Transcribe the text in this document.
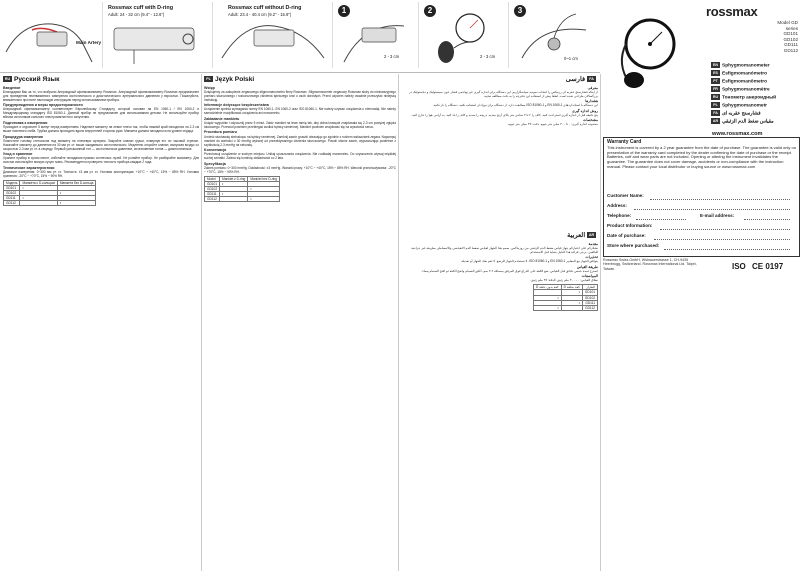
Main Artery
Rossmax cuff with D-ring
Adult: 24 - 32 cm (9.4" - 12.6")
Rossmax cuff without D-ring
Adult: 23.4 - 40.4 cm (9.2" - 15.9")	1
2 - 3 cm
2
2 - 3 cm
3
0~1 cm
rossmax
Model GD series
GD101
GD102
GD111
GD112
EN Sphygmomanometer
ES Esfigmomanómetro
PT Esfigmomanômetro
FR Sphygmomanomètre
RU Тонометр анероидный
PL Sphygmomanometr
FA فشارسنج عقربه ای
AR مقياس ضغط الدم الزئبقي
www.rossmax.com
Warranty Card
This instrument is covered by a 2 year guarantee from the date of purchase. The guarantee is valid only on presentation of the warranty card completed by the dealer confirming the date of purchase or the receipt. Batteries, cuff and wear parts are not included. Opening or altering the instrument invalidates the guarantee. The guarantee does not cover damage, accidents or non-compliance with the instruction manual. Please contact your local distributor or buying source or www.rossmax.com
Customer Name:
Address:
Telephone:	E-mail address:
Product Information:
Date of purchase:
Store where purchased:
Rossmax Swiss GmbH, Widnauerstrasse 1, CH-9435 Heerbrugg, Switzerland. Rossmax International Ltd. Taipei, Taiwan.	ISO CE 0197
RU Русский Язык
Введение

Благодарим Вас за то, что выбрали Анероидный сфигмоманометр Rossmax. Анероидный сфигмоманометр Rossmax предназначен для проведения неинвазивного измерения систолического и диастолического артериального давления у взрослых. Пожалуйста, внимательно прочтите настоящую инструкцию перед использованием прибора.

Предупреждения и меры предосторожности

Анероидный сфигмоманометр соответствует Европейскому Стандарту, который основан на EN 1060-1 / EN 1060-2 и Международному стандарту ISO 81060-1. Данный прибор не предназначен для использования детьми. Не используйте прибор вблизи источников сильного электромагнитного излучения.

Подготовка к измерению

Присядьте и отдохните 5 минут перед измерением. Наденьте манжету на левое плечо так, чтобы нижний край находился на 2-3 см выше локтевого сгиба. Трубка должна проходить вдоль внутренней стороны руки. Манжета должна находиться на уровне сердца.

Процедура измерения

Поместите головку стетоскопа под манжету на плечевую артерию. Закройте клапан груши, повернув его по часовой стрелке. Накачайте манжету до давления на 30 мм рт. ст. выше ожидаемого систолического. Медленно откройте клапан, выпуская воздух со скоростью 2-3 мм рт. ст. в секунду. Первый услышанный тон — систолическое давление, исчезновение тонов — диастолическое.

Уход и хранение

Храните прибор в сухом месте, избегайте попадания прямых солнечных лучей. Не роняйте прибор. Не разбирайте манометр. Для очистки используйте мягкую сухую ткань. Рекомендуется проверять точность прибора каждые 2 года.

Технические характеристики

Диапазон измерения: 0~300 мм рт. ст. Точность: ±3 мм рт. ст. Условия эксплуатации: +10°C ~ +40°C, 15% ~ 85% RH. Условия хранения: -20°C ~ +70°C, 15% ~ 90% RH.

Модель	Манжета с D-кольцом	Манжета без D-кольца
GD101	•	
GD102		•
GD111	•	
GD112		•
PL Język Polski
Wstęp

Dziękujemy za zakupienie zegarowego sfigmomanometru firmy Rossmax. Sfigmomanometr zegarowy Rossmax służy do nieinwazyjnego pomiaru skurczowego i rozkurczowego ciśnienia tętniczego krwi u osób dorosłych. Przed użyciem należy uważnie przeczytać niniejszą instrukcję.

Informacje dotyczące bezpieczeństwa

Urządzenie spełnia wymagania normy EN 1060-1, EN 1060-2 oraz ISO 81060-1. Nie należy używać urządzenia u niemowląt. Nie należy samodzielnie modyfikować urządzenia ani manometru.

Zakładanie mankietu

Usiądź wygodnie i odpocznij przez 5 minut. Załóż mankiet na lewe ramię tak, aby dolna krawędź znajdowała się 2-3 cm powyżej zgięcia łokciowego. Przewód powinien przebiegać wzdłuż tętnicy ramiennej. Mankiet powinien znajdować się na wysokości serca.

Procedura pomiaru

Umieść słuchawkę stetoskopu na tętnicy ramiennej. Zamknij zawór gruszki obracając go zgodnie z ruchem wskazówek zegara. Napompuj mankiet do wartości o 30 mmHg wyższej od przewidywanego ciśnienia skurczowego. Powoli otwórz zawór, wypuszczając powietrze z szybkością 2-3 mmHg na sekundę.

Konserwacja

Przechowuj urządzenie w suchym miejscu. Unikaj upuszczania urządzenia. Nie rozkładaj manometru. Do czyszczenia używaj miękkiej suchej szmatki. Zaleca się kontrolę dokładności co 2 lata.

Specyfikacja

Zakres pomiaru: 0~300 mmHg. Dokładność: ±3 mmHg. Warunki pracy: +10°C ~ +40°C, 15% ~ 85% RH. Warunki przechowywania: -20°C ~ +70°C, 15% ~ 90% RH.

Model	Mankiet z D-ring	Mankiet bez D-ring
GD101	•	
GD102		•
GD111	•	
GD112		•
فارسی FA
معرفی

از اینکه فشارسنج عقربه ای رزمکس را انتخاب نمودید سپاسگزاریم. این دستگاه برای اندازه گیری غیر تهاجمی فشار خون سیستولیک و دیاستولیک در بزرگسالان طراحی شده است. لطفا پیش از استفاده این دفترچه را به دقت مطالعه نمایید.

هشدارها

این دستگاه با استانداردهای EN 1060-1 و ISO 81060-1 مطابقت دارد. از دستگاه برای نوزادان استفاده نکنید. دستگاه را باز نکنید.

روش اندازه گیری

پنج دقیقه قبل از اندازه گیری استراحت کنید. کاف را ۲ تا ۳ سانتی متر بالای آرنج ببندید. دریچه را ببندید و کاف را باد کنید. به آرامی هوا را خارج کنید.

مشخصات

محدوده اندازه گیری: ۰ تا ۳۰۰ میلی متر جیوه. دقت: ±۳ میلی متر جیوه.

العربية AR
مقدمة

نشكركم على اختياركم جهاز قياس ضغط الدم الزئبقي من روزماكس. صمم هذا الجهاز لقياس ضغط الدم الانقباضي والانبساطي بطريقة غير جراحية للبالغين. يرجى قراءة هذا الدليل بعناية قبل الاستخدام.

تحذيرات

يتوافق الجهاز مع المعايير EN 1060-1 و ISO 81060-1. لا تستخدم الجهاز للرضع. لا تقم بفك الجهاز أو تعديله.

طريقة القياس

استرح لمدة خمس دقائق قبل القياس. ضع الكفة على الذراع فوق المرفق بمسافة ٢-٣ سم. أغلق الصمام وانفخ الكفة ثم افتح الصمام ببطء.

المواصفات

نطاق القياس: ٠ - ٣٠٠ ملم زئبق. الدقة: ±٣ ملم زئبق.

الطراز	كفة بحلقة D	كفة بدون حلقة D
GD101	•	
GD102		•
GD111	•	
GD112		•
